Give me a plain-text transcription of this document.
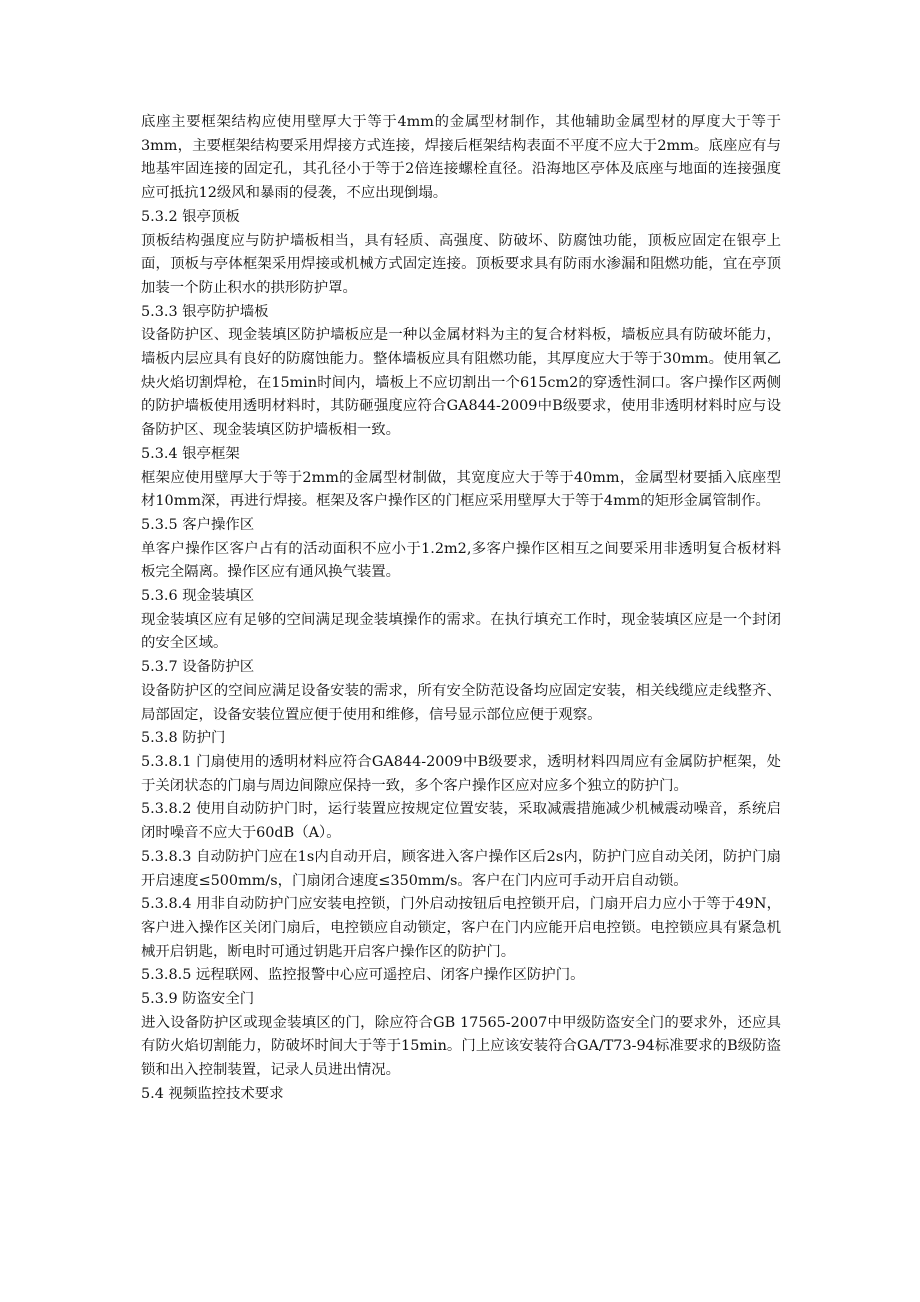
底座主要框架结构应使用壁厚大于等于4mm的金属型材制作，其他辅助金属型材的厚度大于等于3mm，主要框架结构要采用焊接方式连接，焊接后框架结构表面不平度不应大于2mm。底座应有与地基牢固连接的固定孔，其孔径小于等于2倍连接螺栓直径。沿海地区亭体及底座与地面的连接强度应可抵抗12级风和暴雨的侵袭，不应出现倒塌。

5.3.2 银亭顶板

顶板结构强度应与防护墙板相当，具有轻质、高强度、防破坏、防腐蚀功能，顶板应固定在银亭上面，顶板与亭体框架采用焊接或机械方式固定连接。顶板要求具有防雨水渗漏和阻燃功能，宜在亭顶加装一个防止积水的拱形防护罩。

5.3.3 银亭防护墙板

设备防护区、现金装填区防护墙板应是一种以金属材料为主的复合材料板，墙板应具有防破坏能力，墙板内层应具有良好的防腐蚀能力。整体墙板应具有阻燃功能，其厚度应大于等于30mm。使用氧乙炔火焰切割焊枪，在15min时间内，墙板上不应切割出一个615cm2的穿透性洞口。客户操作区两侧的防护墙板使用透明材料时，其防砸强度应符合GA844-2009中B级要求，使用非透明材料时应与设备防护区、现金装填区防护墙板相一致。

5.3.4 银亭框架

框架应使用壁厚大于等于2mm的金属型材制做，其宽度应大于等于40mm，金属型材要插入底座型材10mm深，再进行焊接。框架及客户操作区的门框应采用壁厚大于等于4mm的矩形金属管制作。

5.3.5 客户操作区

单客户操作区客户占有的活动面积不应小于1.2m2,多客户操作区相互之间要采用非透明复合板材料板完全隔离。操作区应有通风换气装置。

5.3.6 现金装填区

现金装填区应有足够的空间满足现金装填操作的需求。在执行填充工作时，现金装填区应是一个封闭的安全区域。

5.3.7 设备防护区

设备防护区的空间应满足设备安装的需求，所有安全防范设备均应固定安装，相关线缆应走线整齐、局部固定，设备安装位置应便于使用和维修，信号显示部位应便于观察。

5.3.8 防护门

5.3.8.1 门扇使用的透明材料应符合GA844-2009中B级要求，透明材料四周应有金属防护框架，处于关闭状态的门扇与周边间隙应保持一致，多个客户操作区应对应多个独立的防护门。

5.3.8.2 使用自动防护门时，运行装置应按规定位置安装，采取减震措施减少机械震动噪音，系统启闭时噪音不应大于60dB（A）。

5.3.8.3 自动防护门应在1s内自动开启，顾客进入客户操作区后2s内，防护门应自动关闭，防护门扇开启速度≤500mm/s，门扇闭合速度≤350mm/s。客户在门内应可手动开启自动锁。

5.3.8.4 用非自动防护门应安装电控锁，门外启动按钮后电控锁开启，门扇开启力应小于等于49N，客户进入操作区关闭门扇后，电控锁应自动锁定，客户在门内应能开启电控锁。电控锁应具有紧急机械开启钥匙，断电时可通过钥匙开启客户操作区的防护门。

5.3.8.5 远程联网、监控报警中心应可遥控启、闭客户操作区防护门。

5.3.9 防盗安全门

进入设备防护区或现金装填区的门，除应符合GB 17565-2007中甲级防盗安全门的要求外，还应具有防火焰切割能力，防破坏时间大于等于15min。门上应该安装符合GA/T73-94标准要求的B级防盗锁和出入控制装置，记录人员进出情况。

5.4 视频监控技术要求
